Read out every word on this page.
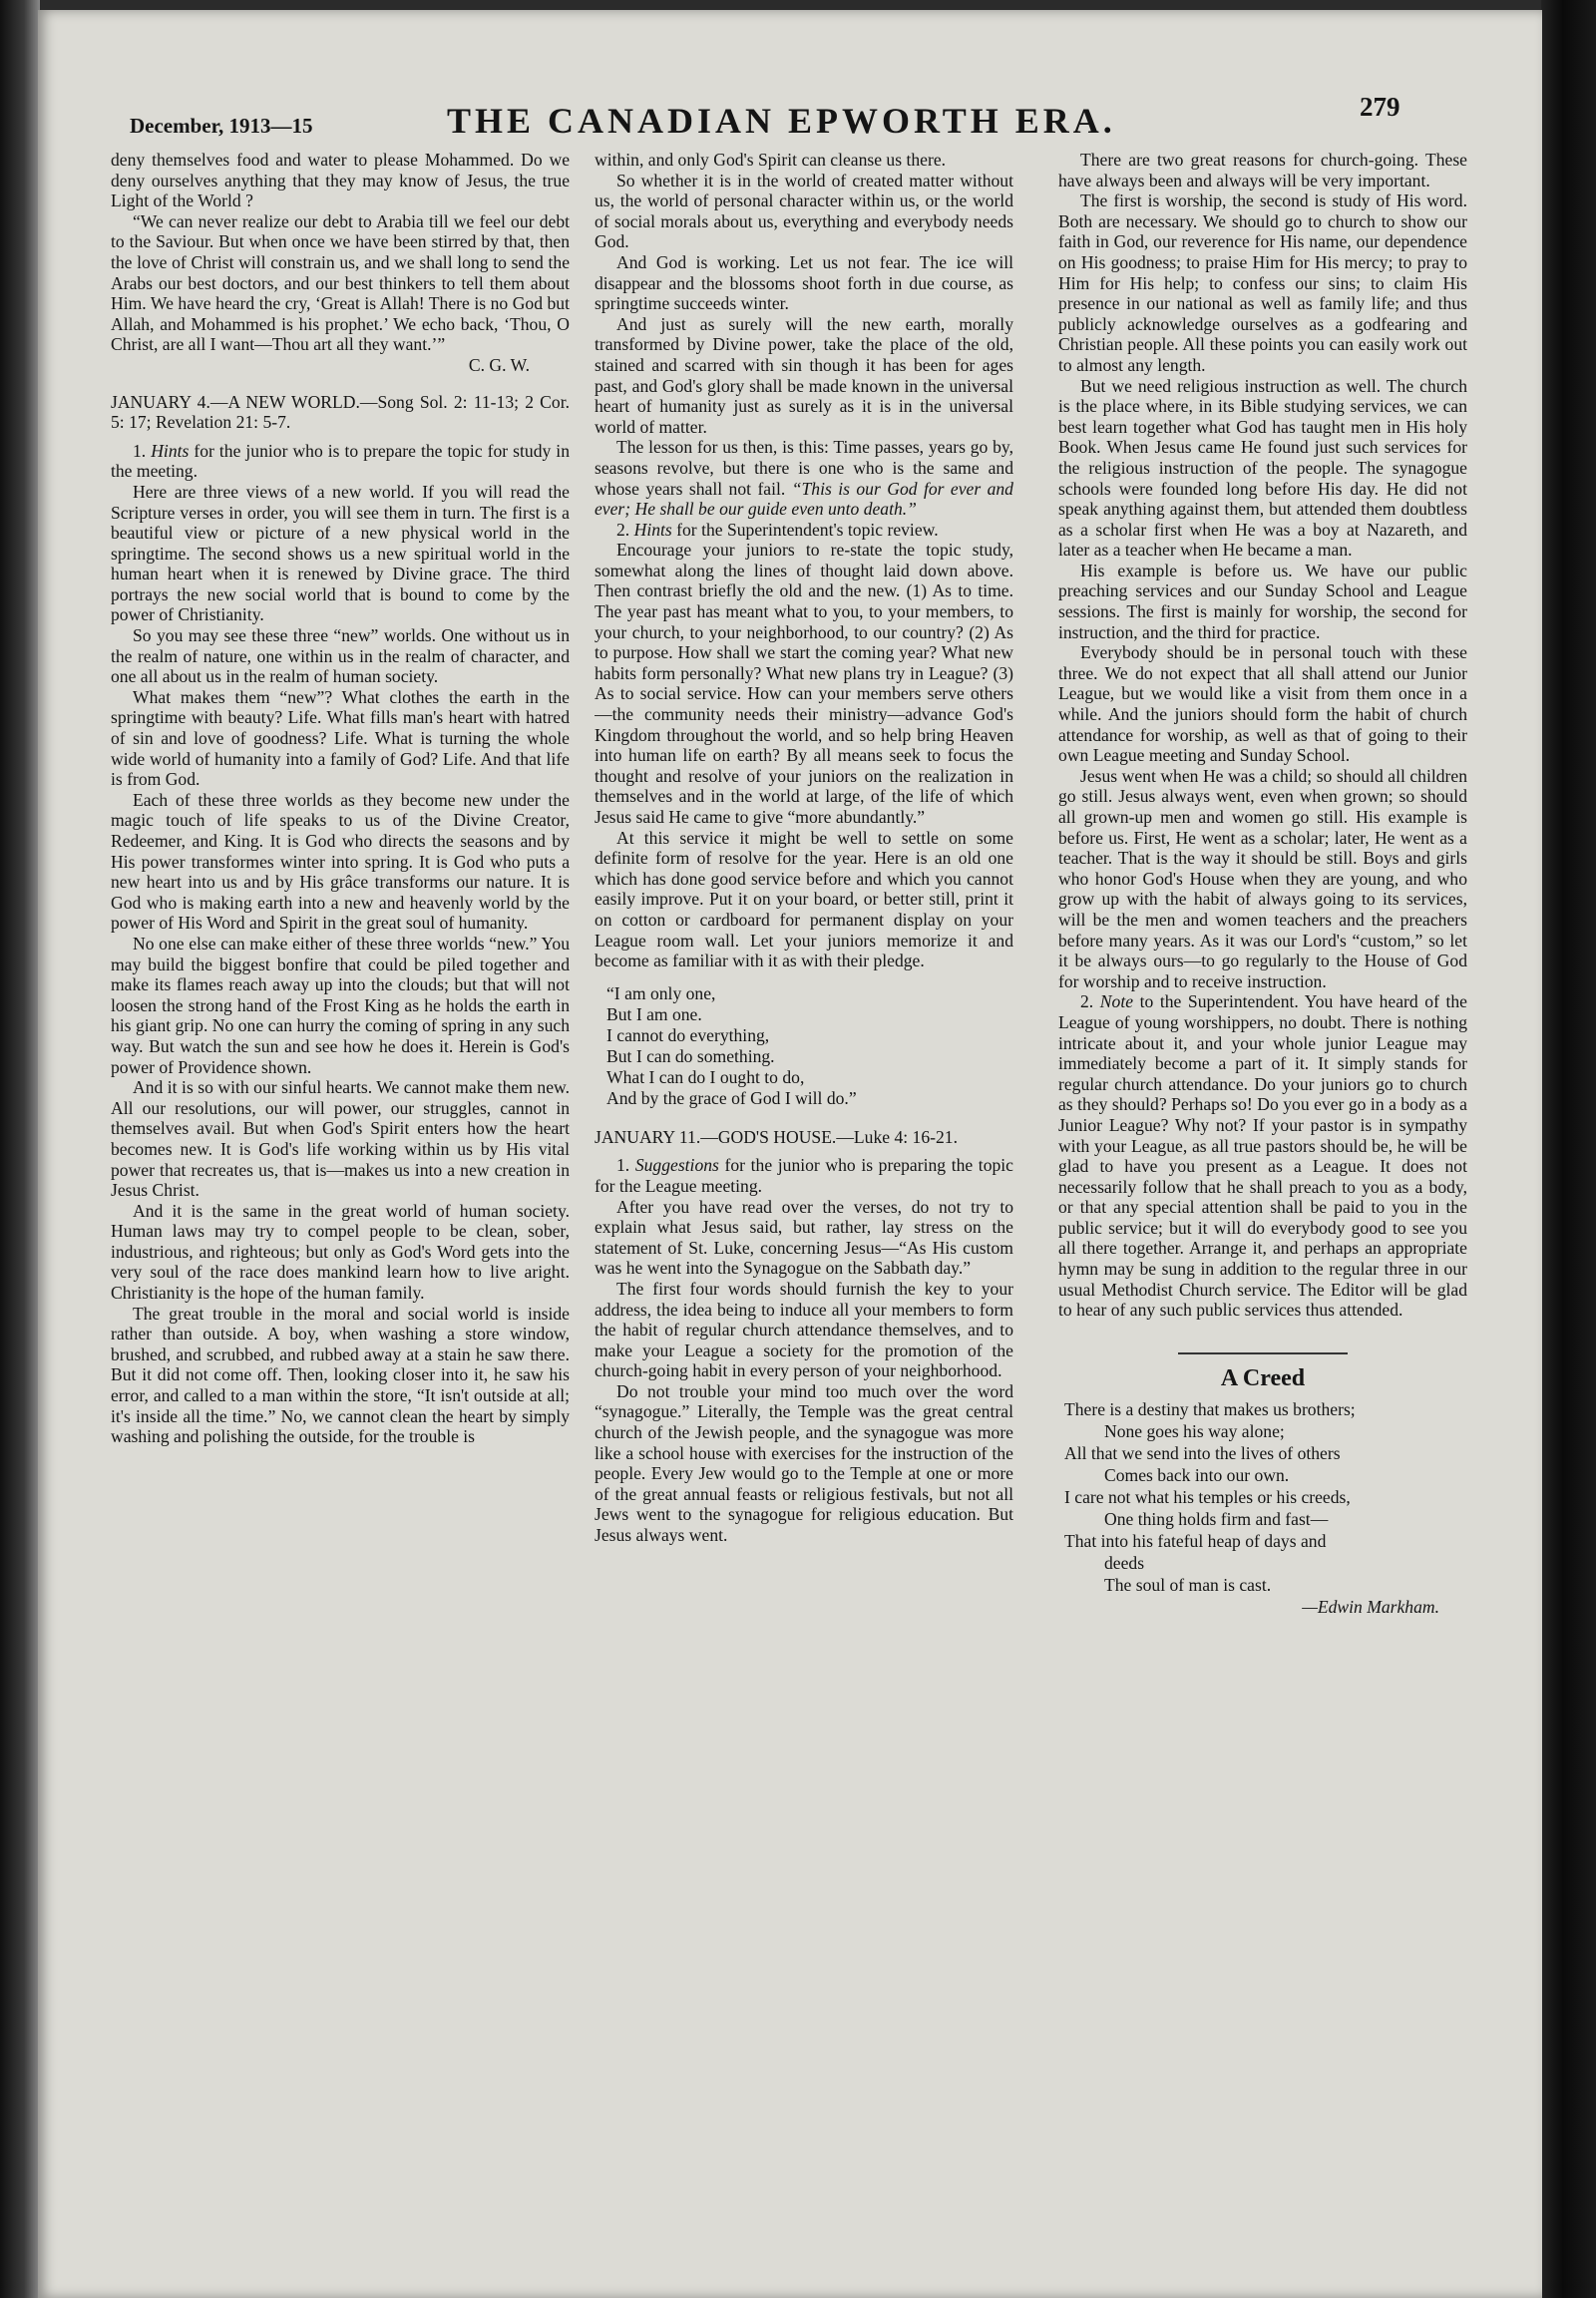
December, 1913—15	THE CANADIAN EPWORTH ERA.	279

deny themselves food and water to please Mohammed. Do we deny ourselves anything that they may know of Jesus, the true Light of the World ?

“We can never realize our debt to Arabia till we feel our debt to the Saviour. But when once we have been stirred by that, then the love of Christ will constrain us, and we shall long to send the Arabs our best doctors, and our best thinkers to tell them about Him. We have heard the cry, ‘Great is Allah! There is no God but Allah, and Mohammed is his prophet.’ We echo back, ‘Thou, O Christ, are all I want—Thou art all they want.’”

C. G. W.

JANUARY 4.—A NEW WORLD.—Song Sol. 2: 11-13; 2 Cor. 5: 17; Revelation 21: 5-7.

1. Hints for the junior who is to prepare the topic for study in the meeting.

Here are three views of a new world. If you will read the Scripture verses in order, you will see them in turn. The first is a beautiful view or picture of a new physical world in the springtime. The second shows us a new spiritual world in the human heart when it is renewed by Divine grace. The third portrays the new social world that is bound to come by the power of Christianity.

So you may see these three “new” worlds. One without us in the realm of nature, one within us in the realm of character, and one all about us in the realm of human society.

What makes them “new”? What clothes the earth in the springtime with beauty? Life. What fills man's heart with hatred of sin and love of goodness? Life. What is turning the whole wide world of humanity into a family of God? Life. And that life is from God.

Each of these three worlds as they become new under the magic touch of life speaks to us of the Divine Creator, Redeemer, and King. It is God who directs the seasons and by His power transformes winter into spring. It is God who puts a new heart into us and by His grâce transforms our nature. It is God who is making earth into a new and heavenly world by the power of His Word and Spirit in the great soul of humanity.

No one else can make either of these three worlds “new.” You may build the biggest bonfire that could be piled together and make its flames reach away up into the clouds; but that will not loosen the strong hand of the Frost King as he holds the earth in his giant grip. No one can hurry the coming of spring in any such way. But watch the sun and see how he does it. Herein is God's power of Providence shown.

And it is so with our sinful hearts. We cannot make them new. All our resolutions, our will power, our struggles, cannot in themselves avail. But when God's Spirit enters how the heart becomes new. It is God's life working within us by His vital power that recreates us, that is—makes us into a new creation in Jesus Christ.

And it is the same in the great world of human society. Human laws may try to compel people to be clean, sober, industrious, and righteous; but only as God's Word gets into the very soul of the race does mankind learn how to live aright. Christianity is the hope of the human family.

The great trouble in the moral and social world is inside rather than outside. A boy, when washing a store window, brushed, and scrubbed, and rubbed away at a stain he saw there. But it did not come off. Then, looking closer into it, he saw his error, and called to a man within the store, “It isn't outside at all; it's inside all the time.” No, we cannot clean the heart by simply washing and polishing the outside, for the trouble is

within, and only God's Spirit can cleanse us there.

So whether it is in the world of created matter without us, the world of personal character within us, or the world of social morals about us, everything and everybody needs God.

And God is working. Let us not fear. The ice will disappear and the blossoms shoot forth in due course, as springtime succeeds winter.

And just as surely will the new earth, morally transformed by Divine power, take the place of the old, stained and scarred with sin though it has been for ages past, and God's glory shall be made known in the universal heart of humanity just as surely as it is in the universal world of matter.

The lesson for us then, is this: Time passes, years go by, seasons revolve, but there is one who is the same and whose years shall not fail. “This is our God for ever and ever; He shall be our guide even unto death.”

2. Hints for the Superintendent's topic review.

Encourage your juniors to re-state the topic study, somewhat along the lines of thought laid down above. Then contrast briefly the old and the new. (1) As to time. The year past has meant what to you, to your members, to your church, to your neighborhood, to our country? (2) As to purpose. How shall we start the coming year? What new habits form personally? What new plans try in League? (3) As to social service. How can your members serve others—the community needs their ministry—advance God's Kingdom throughout the world, and so help bring Heaven into human life on earth? By all means seek to focus the thought and resolve of your juniors on the realization in themselves and in the world at large, of the life of which Jesus said He came to give “more abundantly.”

At this service it might be well to settle on some definite form of resolve for the year. Here is an old one which has done good service before and which you cannot easily improve. Put it on your board, or better still, print it on cotton or cardboard for permanent display on your League room wall. Let your juniors memorize it and become as familiar with it as with their pledge.

“I am only one,
But I am one.
I cannot do everything,
But I can do something.
What I can do I ought to do,
And by the grace of God I will do.”

JANUARY 11.—GOD'S HOUSE.—Luke 4: 16-21.

1. Suggestions for the junior who is preparing the topic for the League meeting.

After you have read over the verses, do not try to explain what Jesus said, but rather, lay stress on the statement of St. Luke, concerning Jesus—“As His custom was he went into the Synagogue on the Sabbath day.”

The first four words should furnish the key to your address, the idea being to induce all your members to form the habit of regular church attendance themselves, and to make your League a society for the promotion of the church-going habit in every person of your neighborhood.

Do not trouble your mind too much over the word “synagogue.” Literally, the Temple was the great central church of the Jewish people, and the synagogue was more like a school house with exercises for the instruction of the people. Every Jew would go to the Temple at one or more of the great annual feasts or religious festivals, but not all Jews went to the synagogue for religious education. But Jesus always went.

There are two great reasons for church-going. These have always been and always will be very important.

The first is worship, the second is study of His word. Both are necessary. We should go to church to show our faith in God, our reverence for His name, our dependence on His goodness; to praise Him for His mercy; to pray to Him for His help; to confess our sins; to claim His presence in our national as well as family life; and thus publicly acknowledge ourselves as a godfearing and Christian people. All these points you can easily work out to almost any length.

But we need religious instruction as well. The church is the place where, in its Bible studying services, we can best learn together what God has taught men in His holy Book. When Jesus came He found just such services for the religious instruction of the people. The synagogue schools were founded long before His day. He did not speak anything against them, but attended them doubtless as a scholar first when He was a boy at Nazareth, and later as a teacher when He became a man.

His example is before us. We have our public preaching services and our Sunday School and League sessions. The first is mainly for worship, the second for instruction, and the third for practice.

Everybody should be in personal touch with these three. We do not expect that all shall attend our Junior League, but we would like a visit from them once in a while. And the juniors should form the habit of church attendance for worship, as well as that of going to their own League meeting and Sunday School.

Jesus went when He was a child; so should all children go still. Jesus always went, even when grown; so should all grown-up men and women go still. His example is before us. First, He went as a scholar; later, He went as a teacher. That is the way it should be still. Boys and girls who honor God's House when they are young, and who grow up with the habit of always going to its services, will be the men and women teachers and the preachers before many years. As it was our Lord's “custom,” so let it be always ours—to go regularly to the House of God for worship and to receive instruction.

2. Note to the Superintendent. You have heard of the League of young worshippers, no doubt. There is nothing intricate about it, and your whole junior League may immediately become a part of it. It simply stands for regular church attendance. Do your juniors go to church as they should? Perhaps so! Do you ever go in a body as a Junior League? Why not? If your pastor is in sympathy with your League, as all true pastors should be, he will be glad to have you present as a League. It does not necessarily follow that he shall preach to you as a body, or that any special attention shall be paid to you in the public service; but it will do everybody good to see you all there together. Arrange it, and perhaps an appropriate hymn may be sung in addition to the regular three in our usual Methodist Church service. The Editor will be glad to hear of any such public services thus attended.

A Creed
There is a destiny that makes us brothers;
None goes his way alone;
All that we send into the lives of others
Comes back into our own.
I care not what his temples or his creeds,
One thing holds firm and fast—
That into his fateful heap of days and
deeds
The soul of man is cast.
—Edwin Markham.
